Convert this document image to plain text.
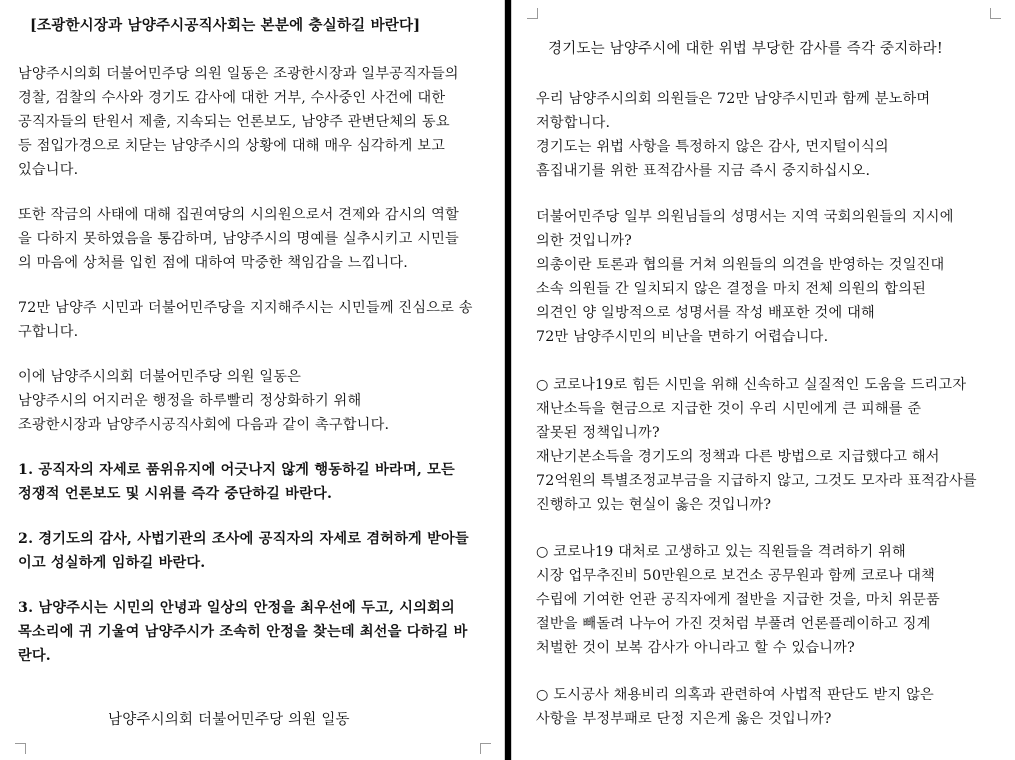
[조광한시장과 남양주시공직사회는 본분에 충실하길 바란다]
남양주시의회 더불어민주당 의원 일동은 조광한시장과 일부공직자들의
경찰, 검찰의 수사와 경기도 감사에 대한 거부, 수사중인 사건에 대한
공직자들의 탄원서 제출, 지속되는 언론보도, 남양주 관변단체의 동요
등 점입가경으로 치닫는 남양주시의 상황에 대해 매우 심각하게 보고
있습니다.
또한 작금의 사태에 대해 집권여당의 시의원으로서 견제와 감시의 역할
을 다하지 못하였음을 통감하며, 남양주시의 명예를 실추시키고 시민들
의 마음에 상처를 입힌 점에 대하여 막중한 책임감을 느낍니다.
72만 남양주 시민과 더불어민주당을 지지해주시는 시민들께 진심으로 송
구합니다.
이에 남양주시의회 더불어민주당 의원 일동은
남양주시의 어지러운 행정을 하루빨리 정상화하기 위해
조광한시장과 남양주시공직사회에 다음과 같이 촉구합니다.
1. 공직자의 자세로 품위유지에 어긋나지 않게 행동하길 바라며, 모든
정쟁적 언론보도 및 시위를 즉각 중단하길 바란다.
2. 경기도의 감사, 사법기관의 조사에 공직자의 자세로 겸허하게 받아들
이고 성실하게 임하길 바란다.
3. 남양주시는 시민의 안녕과 일상의 안정을 최우선에 두고, 시의회의
목소리에 귀 기울여 남양주시가 조속히 안정을 찾는데 최선을 다하길 바
란다.
남양주시의회 더불어민주당 의원 일동
경기도는 남양주시에 대한 위법 부당한 감사를 즉각 중지하라!
우리 남양주시의회 의원들은 72만 남양주시민과 함께 분노하며
저항합니다.
경기도는 위법 사항을 특정하지 않은 감사, 먼지털이식의
흠집내기를 위한 표적감사를 지금 즉시 중지하십시오.
더불어민주당 일부 의원님들의 성명서는 지역 국회의원들의 지시에
의한 것입니까?
의총이란 토론과 협의를 거쳐 의원들의 의견을 반영하는 것일진대
소속 의원들 간 일치되지 않은 결정을 마치 전체 의원의 합의된
의견인 양 일방적으로 성명서를 작성 배포한 것에 대해
72만 남양주시민의 비난을 면하기 어렵습니다.
○ 코로나19로 힘든 시민을 위해 신속하고 실질적인 도움을 드리고자
재난소득을 현금으로 지급한 것이 우리 시민에게 큰 피해를 준
잘못된 정책입니까?
재난기본소득을 경기도의 정책과 다른 방법으로 지급했다고 해서
72억원의 특별조정교부금을 지급하지 않고, 그것도 모자라 표적감사를
진행하고 있는 현실이 옳은 것입니까?
○ 코로나19 대처로 고생하고 있는 직원들을 격려하기 위해
시장 업무추진비 50만원으로 보건소 공무원과 함께 코로나 대책
수립에 기여한 언관 공직자에게 절반을 지급한 것을, 마치 위문품
절반을 빼돌려 나누어 가진 것처럼 부풀려 언론플레이하고 징계
처벌한 것이 보복 감사가 아니라고 할 수 있습니까?
○ 도시공사 채용비리 의혹과 관련하여 사법적 판단도 받지 않은
사항을 부정부패로 단정 지은게 옳은 것입니까?
